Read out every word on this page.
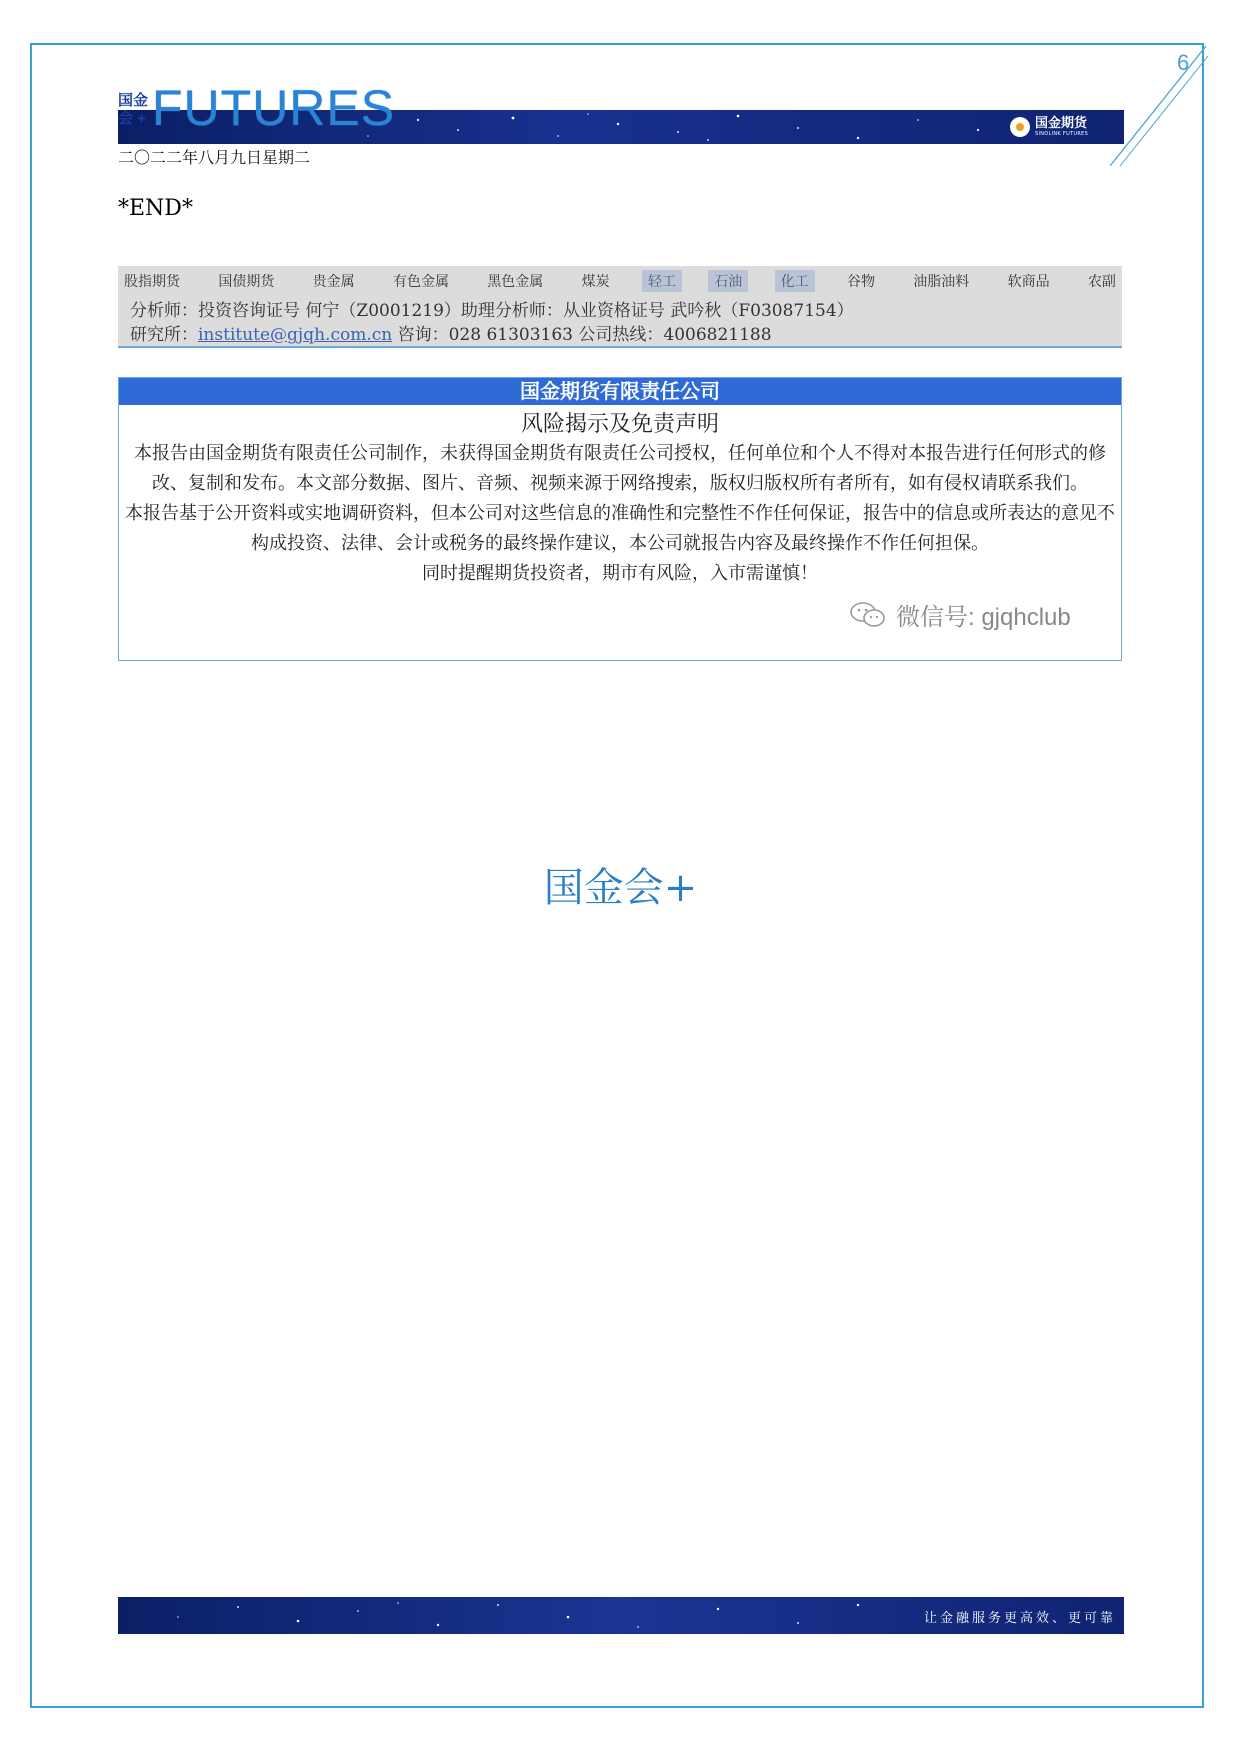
6
国金会 + FUTURES	国金期货
SINOLINK FUTURES
二〇二二年八月九日星期二
*END*
股指期货	国债期货	贵金属	有色金属	黑色金属	煤炭	轻工	石油	化工	谷物	油脂油料	软商品	农副
分析师：投资咨询证号 何宁（Z0001219）助理分析师：从业资格证号 武吟秋（F03087154）
研究所：institute@gjqh.com.cn 咨询：028 61303163 公司热线：4006821188
国金期货有限责任公司
风险揭示及免责声明

本报告由国金期货有限责任公司制作，未获得国金期货有限责任公司授权，任何单位和个人不得对本报告进行任何形式的修改、复制和发布。本文部分数据、图片、音频、视频来源于网络搜索，版权归版权所有者所有，如有侵权请联系我们。

本报告基于公开资料或实地调研资料，但本公司对这些信息的准确性和完整性不作任何保证，报告中的信息或所表达的意见不构成投资、法律、会计或税务的最终操作建议，本公司就报告内容及最终操作不作任何担保。

同时提醒期货投资者，期市有风险，入市需谨慎！

微信号: gjqhclub
国金会+
让金融服务更高效、更可靠
